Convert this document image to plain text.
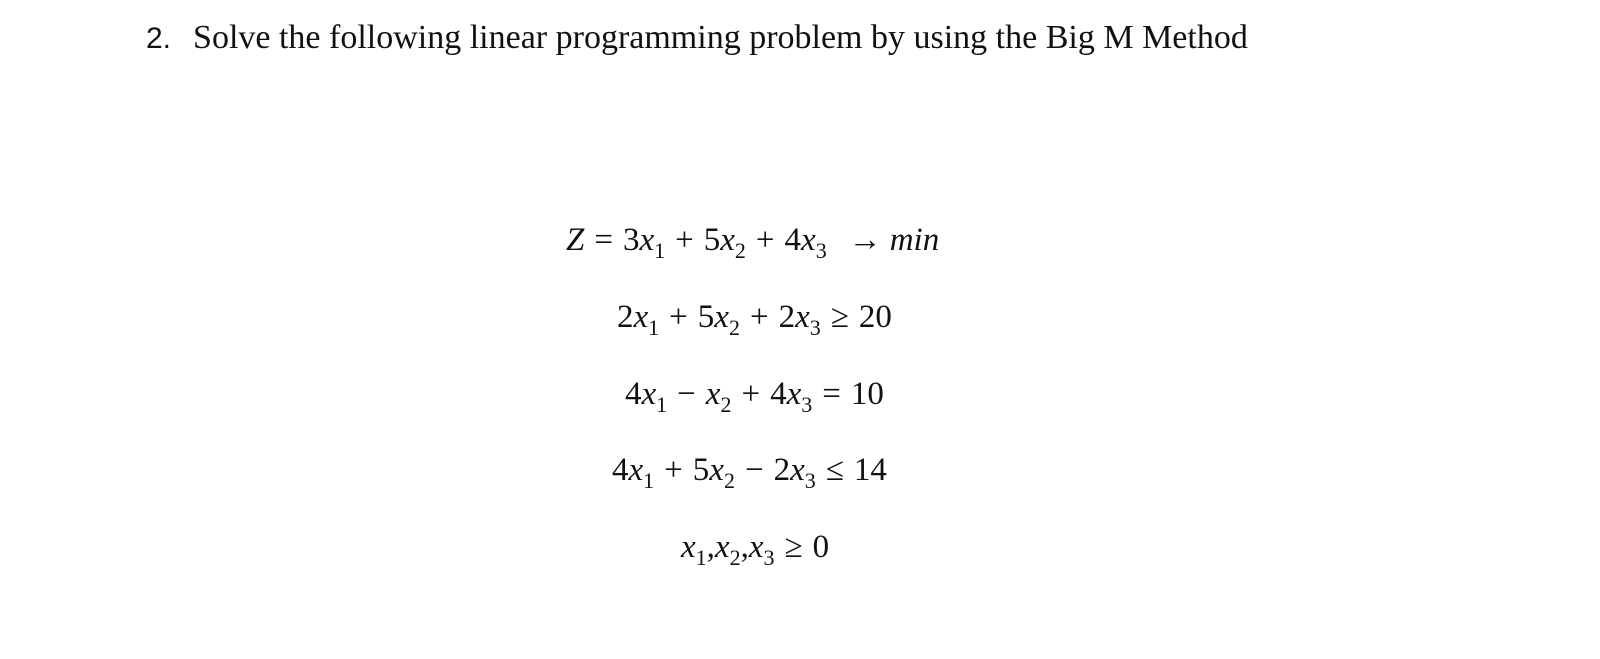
2. Solve the following linear programming problem by using the Big M Method
$Z = 3x_1 + 5x_2 + 4x_3 \to \min$
$2x_1 + 5x_2 + 2x_3 \ge 20$
$4x_1 - x_2 + 4x_3 = 10$
$4x_1 + 5x_2 - 2x_3 \le 14$
$x_1,x_2,x_3 \ge 0$
